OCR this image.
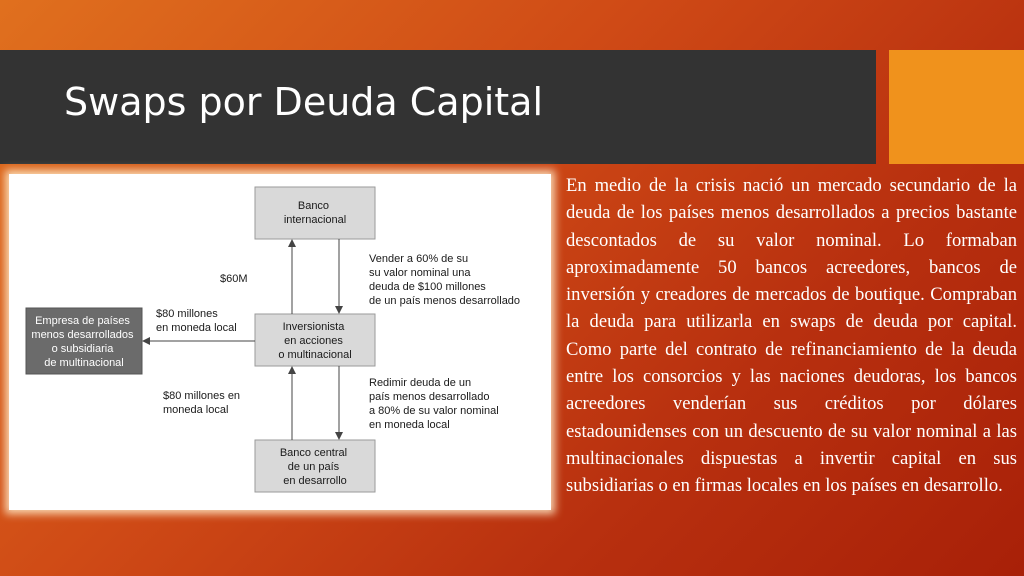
Swaps por Deuda Capital
Banco internacional
Inversionista en acciones o multinacional
Banco central de un país en desarrollo
Empresa de países menos desarrollados o subsidiaria de multinacional
$60M
Vender a 60% de su su valor nominal una deuda de $100 millones de un país menos desarrollado
$80 millones en moneda local
$80 millones en moneda local
Redimir deuda de un país menos desarrollado a 80% de su valor nominal en moneda local

En medio de la crisis nació un mercado secundario de la deuda de los países menos desarrollados a precios bastante descontados de su valor nominal. Lo formaban aproximadamente 50 bancos acreedores, bancos de inversión y creadores de mercados de boutique. Compraban la deuda para utilizarla en swaps de deuda por capital. Como parte del contrato de refinanciamiento de la deuda entre los consorcios y las naciones deudoras, los bancos acreedores venderían sus créditos por dólares estadounidenses con un descuento de su valor nominal a las multinacionales dispuestas a invertir capital en sus subsidiarias o en firmas locales en los países en desarrollo.
